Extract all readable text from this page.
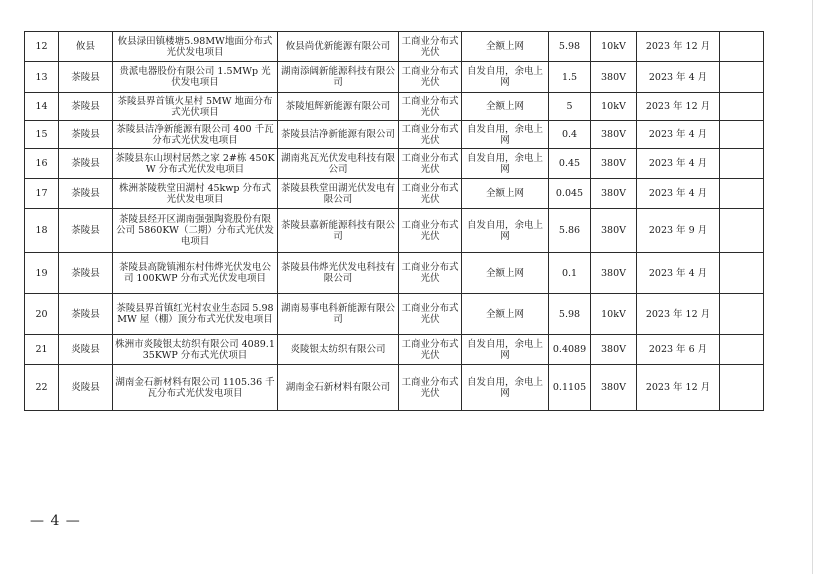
12	攸县	攸县渌田镇楼塘5.98MW地面分布式光伏发电项目	攸县尚优新能源有限公司	工商业分布式光伏	全额上网	5.98	10kV	2023 年 12 月	
13	茶陵县	贵派电器股份有限公司 1.5MWp 光伏发电项目	湖南添阔新能源科技有限公司	工商业分布式光伏	自发自用，余电上网	1.5	380V	2023 年 4 月	
14	茶陵县	茶陵县界首镇火星村 5MW 地面分布式光伏项目	茶陵旭辉新能源有限公司	工商业分布式光伏	全额上网	5	10kV	2023 年 12 月	
15	茶陵县	茶陵县洁净新能源有限公司 400 千瓦分布式光伏发电项目	茶陵县洁净新能源有限公司	工商业分布式光伏	自发自用，余电上网	0.4	380V	2023 年 4 月	
16	茶陵县	茶陵县东山坝村居然之家 2#栋 450KW 分布式光伏发电项目	湖南兆瓦光伏发电科技有限公司	工商业分布式光伏	自发自用，余电上网	0.45	380V	2023 年 4 月	
17	茶陵县	株洲茶陵秩堂田湖村 45kwp 分布式光伏发电项目	茶陵县秩堂田湖光伏发电有限公司	工商业分布式光伏	全额上网	0.045	380V	2023 年 4 月	
18	茶陵县	茶陵县经开区湖南强强陶瓷股份有限公司 5860KW（二期）分布式光伏发电项目	茶陵县嘉新能源科技有限公司	工商业分布式光伏	自发自用，余电上网	5.86	380V	2023 年 9 月	
19	茶陵县	茶陵县高陇镇湘东村伟烨光伏发电公司 100KWP 分布式光伏发电项目	茶陵县伟烨光伏发电科技有限公司	工商业分布式光伏	全额上网	0.1	380V	2023 年 4 月	
20	茶陵县	茶陵县界首镇红光村农业生态园 5.98MW 屋（棚）顶分布式光伏发电项目	湖南易事电科新能源有限公司	工商业分布式光伏	全额上网	5.98	10kV	2023 年 12 月	
21	炎陵县	株洲市炎陵银太纺织有限公司 4089.135KWP 分布式光伏项目	炎陵银太纺织有限公司	工商业分布式光伏	自发自用，余电上网	0.4089	380V	2023 年 6 月	
22	炎陵县	湖南金石新材料有限公司 1105.36 千瓦分布式光伏发电项目	湖南金石新材料有限公司	工商业分布式光伏	自发自用，余电上网	0.1105	380V	2023 年 12 月	
— 4 —
